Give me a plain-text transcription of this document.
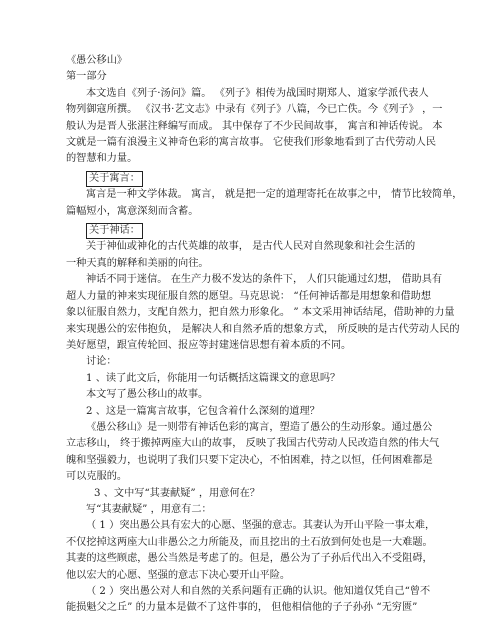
《愚公移山》

第一部分

本文选自《列子·汤问》篇。 《列子》相传为战国时期郑人、道家学派代表人

物列御寇所撰。 《汉书·艺文志》中录有《列子》八篇，今已亡佚。今《列子》 ，一

般认为是晋人张湛注释编写而成。 其中保存了不少民间故事， 寓言和神话传说。 本

文就是一篇有浪漫主义神奇色彩的寓言故事。 它使我们形象地看到了古代劳动人民

的智慧和力量。

关于寓言：

寓言是一种文学体裁。 寓言， 就是把一定的道理寄托在故事之中， 情节比较简单，

篇幅短小，寓意深刻而含蓄。

关于神话：

关于神仙或神化的古代英雄的故事， 是古代人民对自然现象和社会生活的

一种天真的解释和美丽的向往。

神话不同于迷信。 在生产力极不发达的条件下， 人们只能通过幻想， 借助具有

超人力量的神来实现征服自然的愿望。马克思说： “任何神话都是用想象和借助想

象以征服自然力，支配自然力，把自然力形象化。 ” 本文采用神话结尾，借助神的力量

来实现愚公的宏伟抱负， 是解决人和自然矛盾的想象方式， 所反映的是古代劳动人民的

美好愿望，跟宣传轮回、报应等封建迷信思想有着本质的不同。

讨论：

1 、读了此文后，你能用一句话概括这篇课文的意思吗？

本文写了愚公移山的故事。

2 、这是一篇寓言故事，它包含着什么深刻的道理？

《愚公移山》是一则带有神话色彩的寓言，塑造了愚公的生动形象。通过愚公

立志移山， 终于搬掉两座大山的故事， 反映了我国古代劳动人民改造自然的伟大气

魄和坚强毅力，也说明了我们只要下定决心，不怕困难，持之以恒，任何困难都是

可以克服的。

3 、文中写“其妻献疑” ，用意何在？

写“其妻献疑” ，用意有二：

（ 1 ）突出愚公具有宏大的心愿、坚强的意志。其妻认为开山平险一事太难，

不仅挖掉这两座大山非愚公之力所能及，而且挖出的土石放到何处也是一大难题。

其妻的这些顾虑，愚公当然是考虑了的。但是，愚公为了子孙后代出入不受阻碍，

他以宏大的心愿、坚强的意志下决心要开山平险。

（ 2 ）突出愚公对人和自然的关系问题有正确的认识。他知道仅凭自己“曾不

能损魁父之丘” 的力量本是做不了这件事的， 但他相信他的子子孙孙 “无穷匮”
